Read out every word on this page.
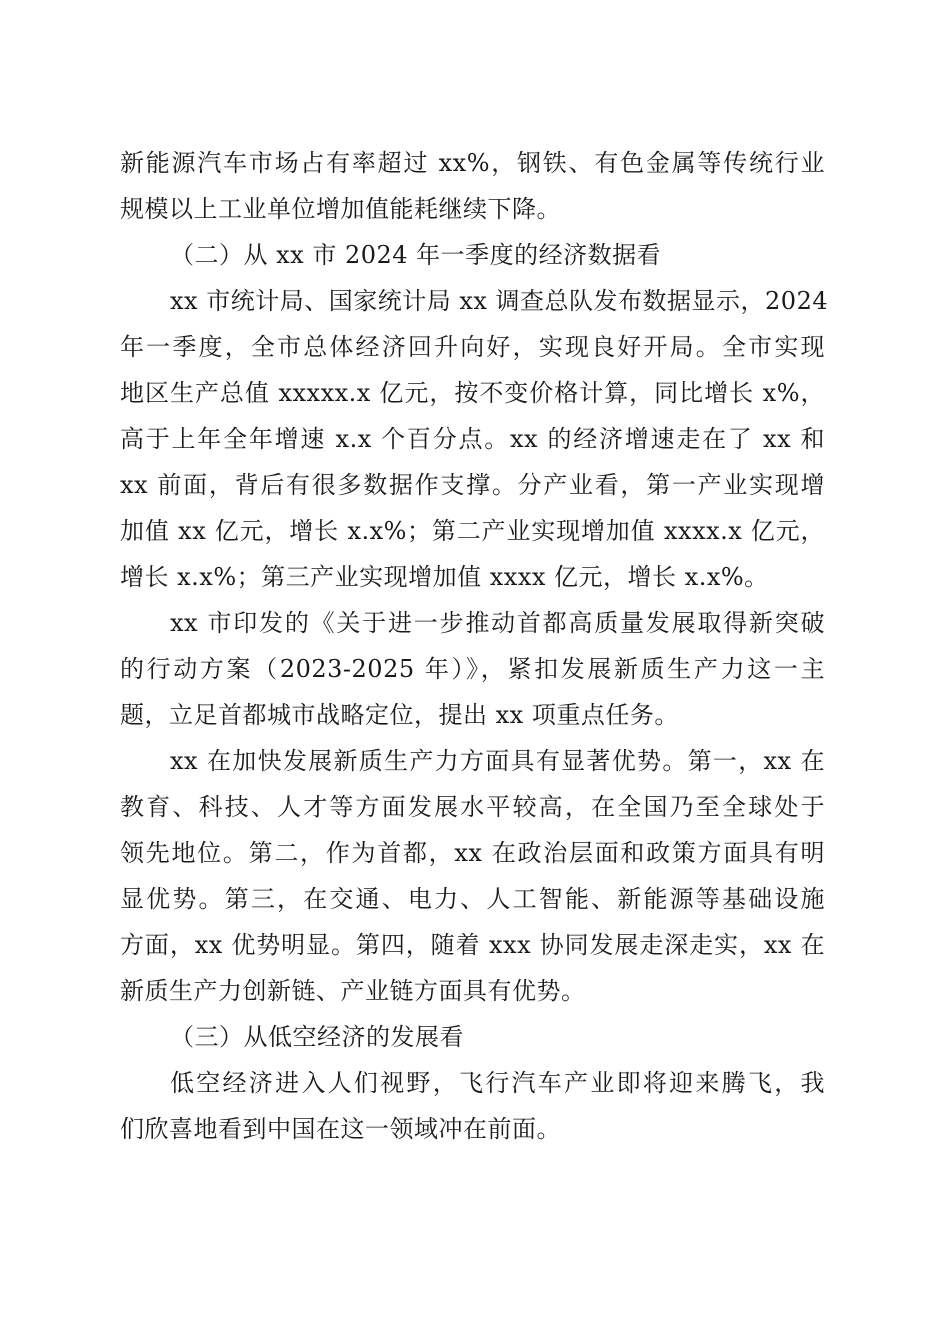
新能源汽车市场占有率超过 xx%，钢铁、有色金属等传统行业
规模以上工业单位增加值能耗继续下降。
（二）从 xx 市 2024 年一季度的经济数据看
xx 市统计局、国家统计局 xx 调查总队发布数据显示，2024
年一季度，全市总体经济回升向好，实现良好开局。全市实现
地区生产总值 xxxxx.x 亿元，按不变价格计算，同比增长 x%，
高于上年全年增速 x.x 个百分点。xx 的经济增速走在了 xx 和
xx 前面，背后有很多数据作支撑。分产业看，第一产业实现增
加值 xx 亿元，增长 x.x%；第二产业实现增加值 xxxx.x 亿元，
增长 x.x%；第三产业实现增加值 xxxx 亿元，增长 x.x%。
xx 市印发的《关于进一步推动首都高质量发展取得新突破
的行动方案（2023-2025 年）》，紧扣发展新质生产力这一主
题，立足首都城市战略定位，提出 xx 项重点任务。
xx 在加快发展新质生产力方面具有显著优势。第一，xx 在
教育、科技、人才等方面发展水平较高，在全国乃至全球处于
领先地位。第二，作为首都，xx 在政治层面和政策方面具有明
显优势。第三，在交通、电力、人工智能、新能源等基础设施
方面，xx 优势明显。第四，随着 xxx 协同发展走深走实，xx 在
新质生产力创新链、产业链方面具有优势。
（三）从低空经济的发展看
低空经济进入人们视野，飞行汽车产业即将迎来腾飞，我
们欣喜地看到中国在这一领域冲在前面。
